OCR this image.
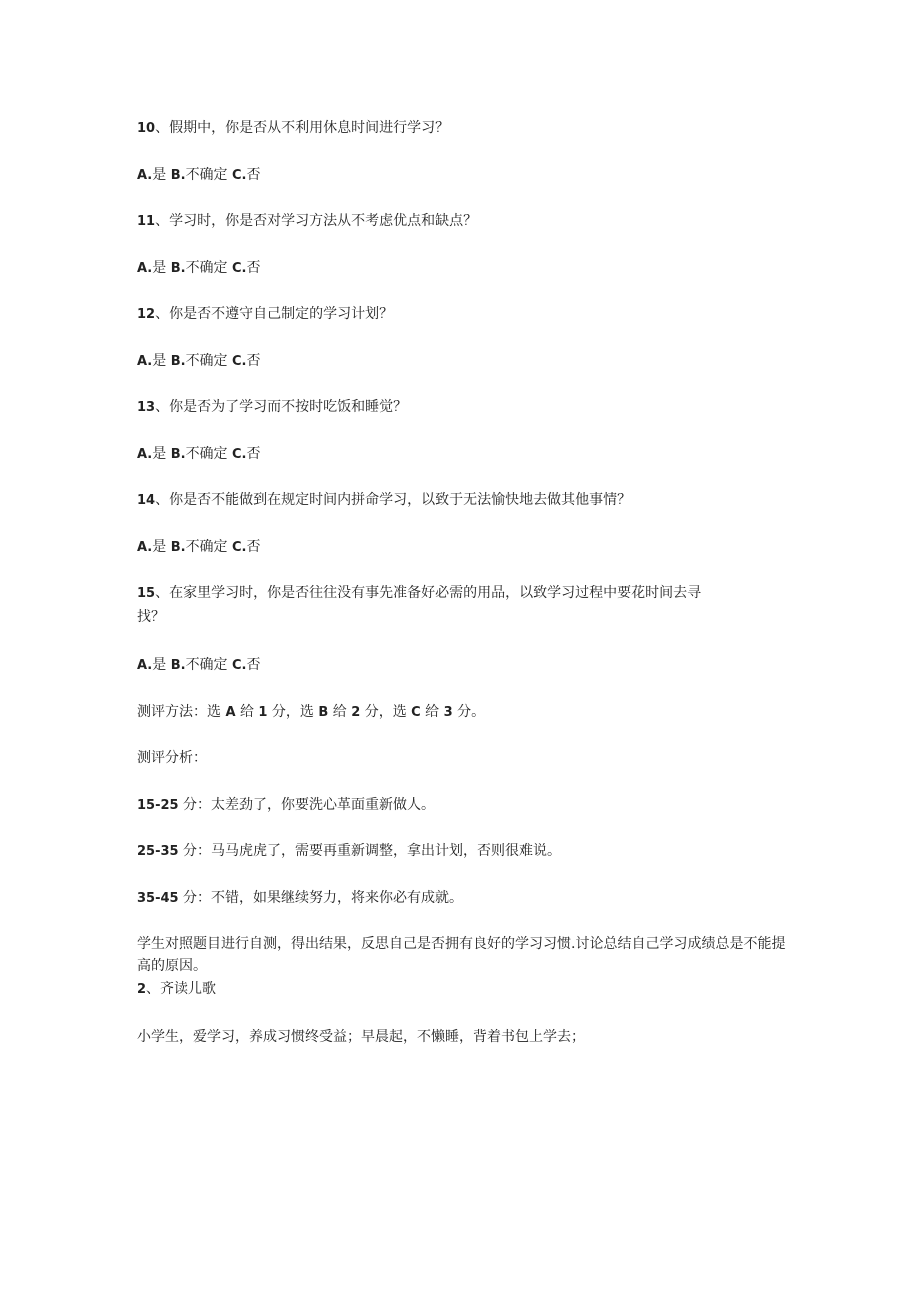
10、假期中，你是否从不利用休息时间进行学习？
A.是 B.不确定 C.否
11、学习时，你是否对学习方法从不考虑优点和缺点？
A.是 B.不确定 C.否
12、你是否不遵守自己制定的学习计划？
A.是 B.不确定 C.否
13、你是否为了学习而不按时吃饭和睡觉？
A.是 B.不确定 C.否
14、你是否不能做到在规定时间内拼命学习，以致于无法愉快地去做其他事情？
A.是 B.不确定 C.否
15、在家里学习时，你是否往往没有事先准备好必需的用品，以致学习过程中要花时间去寻
找？
A.是 B.不确定 C.否
测评方法：选 A 给 1 分，选 B 给 2 分，选 C 给 3 分。
测评分析：
15-25 分：太差劲了，你要洗心革面重新做人。
25-35 分：马马虎虎了，需要再重新调整，拿出计划，否则很难说。
35-45 分：不错，如果继续努力，将来你必有成就。
学生对照题目进行自测，得出结果，反思自己是否拥有良好的学习习惯.讨论总结自己学习成绩总是不能提高的原因。
2、齐读儿歌
小学生，爱学习，养成习惯终受益；早晨起，不懒睡，背着书包上学去；
